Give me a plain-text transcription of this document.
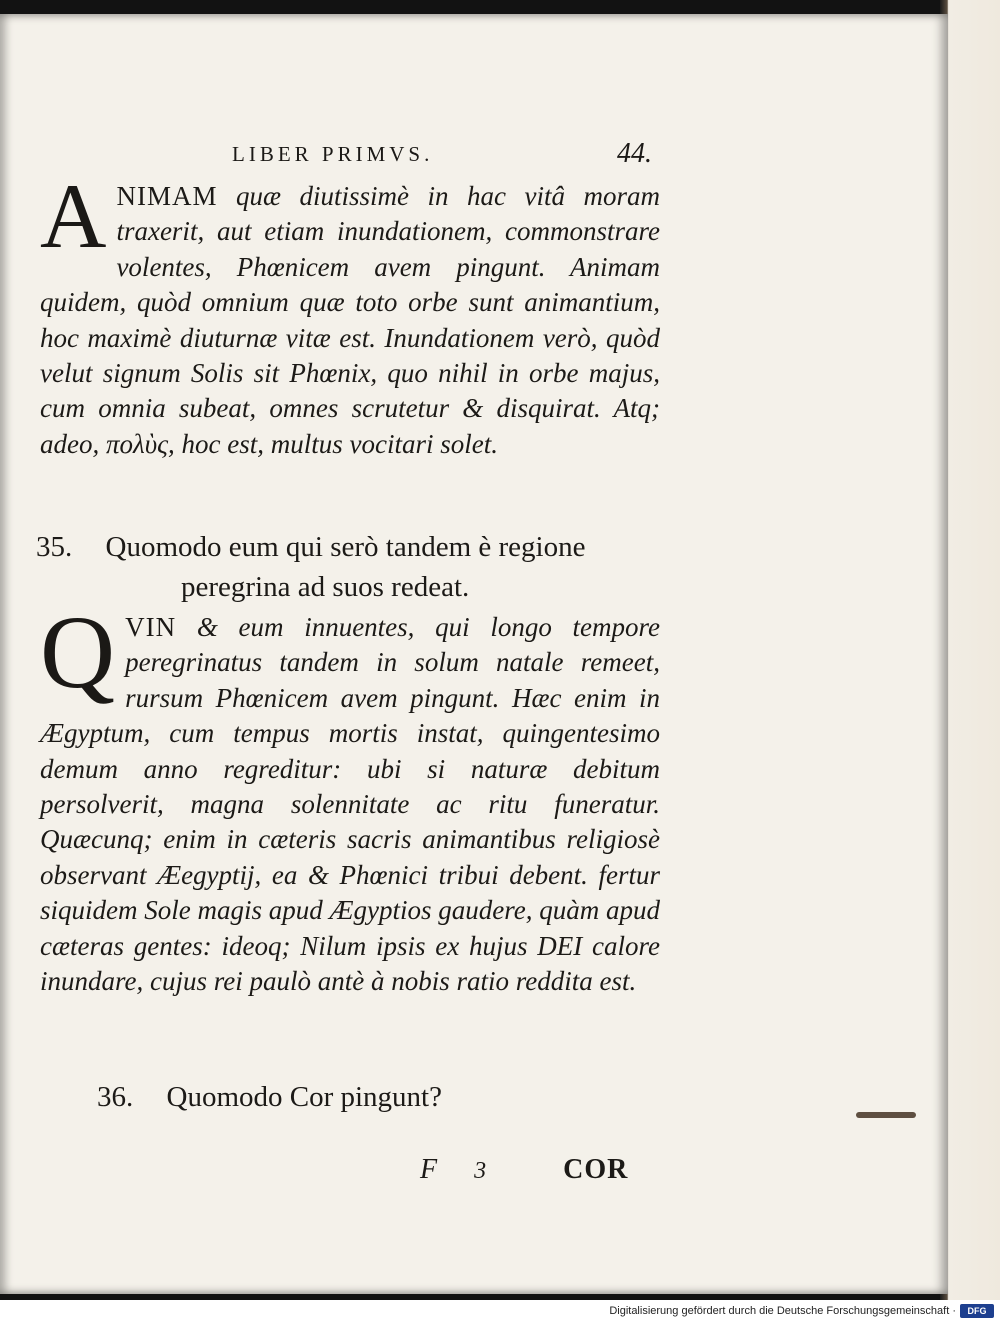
LIBER PRIMVS.	44.
A NIMAM quæ diutissimè in hac vitâ moram traxerit, aut etiam inundationem, commonstrare volentes, Phœnicem avem pingunt. Animam quidem, quòd omnium quæ toto orbe sunt animantium, hoc maximè diuturnæ vitæ est. Inundationem verò, quòd velut signum Solis sit Phœnix, quo nihil in orbe majus, cum omnia subeat, omnes scrutetur & disquirat. Atq; adeo, πολὺς, hoc est, multus vocitari solet.
35. Quomodo eum qui serò tandem è regione
peregrina ad suos redeat.
Q VIN & eum innuentes, qui longo tempore peregrinatus tandem in solum natale remeet, rursum Phœnicem avem pingunt. Hæc enim in Ægyptum, cum tempus mortis instat, quingentesimo demum anno regreditur: ubi si naturæ debitum persolverit, magna solennitate ac ritu funeratur. Quæcunq; enim in cæteris sacris animantibus religiosè observant Æegyptij, ea & Phœnici tribui debent. fertur siquidem Sole magis apud Ægyptios gaudere, quàm apud cæteras gentes: ideoq; Nilum ipsis ex hujus DEI calore inundare, cujus rei paulò antè à nobis ratio reddita est.
36. Quomodo Cor pingunt?
F 3	COR
Digitalisierung gefördert durch die Deutsche Forschungsgemeinschaft ·	DFG
